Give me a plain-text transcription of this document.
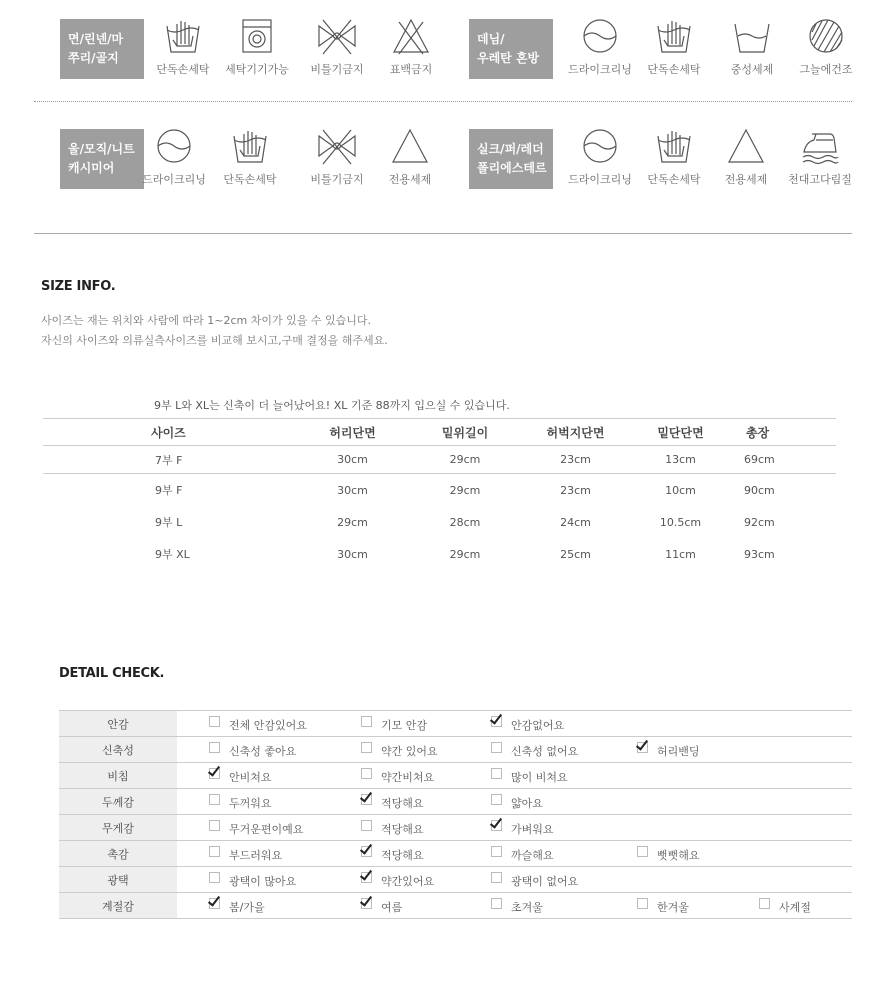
면/린넨/마
쭈리/골지
단독손세탁	세탁기기가능	비틀기금지	표백금지
데님/
우레탄 혼방
드라이크리닝	단독손세탁	중성세제	그늘에건조
울/모직/니트
캐시미어
드라이크리닝	단독손세탁	비틀기금지	전용세제
실크/퍼/레더
폴리에스테르
드라이크리닝	단독손세탁	전용세제	천대고다림질
SIZE INFO.
사이즈는 재는 위치와 사람에 따라 1~2cm 차이가 있을 수 있습니다.
자신의 사이즈와 의류실측사이즈를 비교해 보시고,구매 결정을 해주세요.
9부 L와 XL는 신축이 더 늘어났어요! XL 기준 88까지 입으실 수 있습니다.
사이즈	허리단면	밑위길이	허벅지단면	밑단단면	총장
7부 F	30cm	29cm	23cm	13cm	69cm
9부 F	30cm	29cm	23cm	10cm	90cm
9부 L	29cm	28cm	24cm	10.5cm	92cm
9부 XL	30cm	29cm	25cm	11cm	93cm
DETAIL CHECK.
안감	전체 안감있어요	기모 안감	안감없어요		

신축성	신축성 좋아요	약간 있어요	신축성 없어요	허리밴딩	

비침	안비쳐요	약간비쳐요	많이 비쳐요		

두께감	두꺼워요	적당해요	얇아요		

무게감	무거운편이예요	적당해요	가벼워요		

촉감	부드러워요	적당해요	까슬해요	뻣뻣해요	

광택	광택이 많아요	약간있어요	광택이 없어요		

계절감	봄/가을	여름	초겨울	한겨울	사계절
